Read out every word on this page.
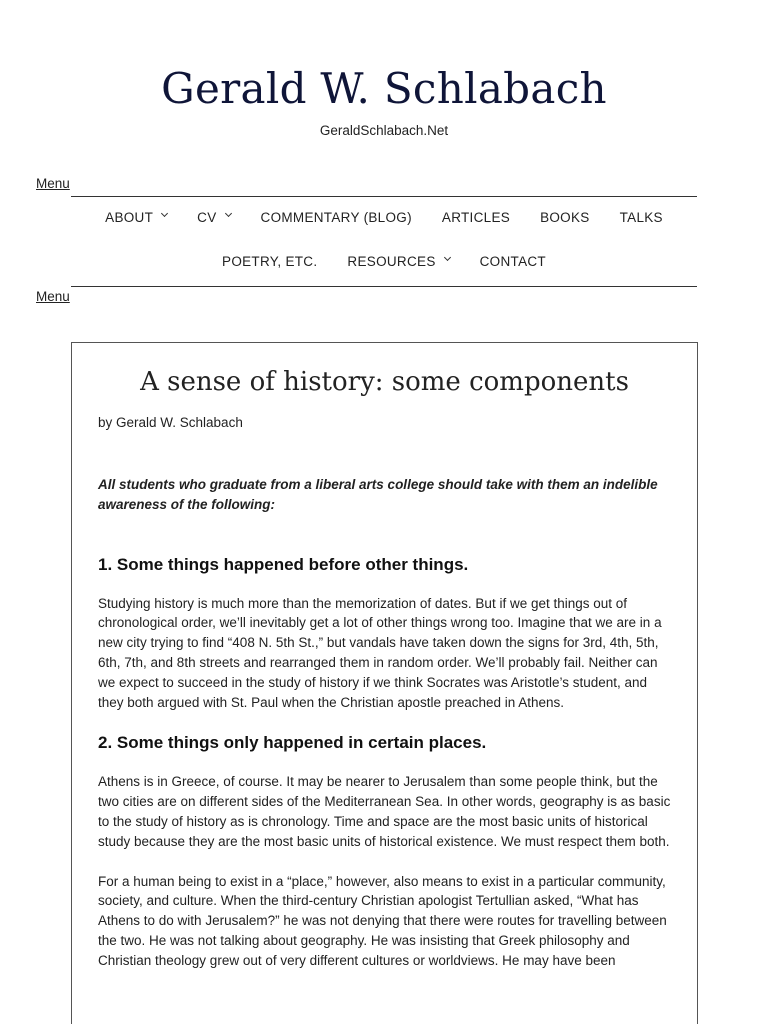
Gerald W. Schlabach
GeraldSchlabach.Net
Menu
ABOUT	CV	COMMENTARY (BLOG) ARTICLES BOOKS TALKS
POETRY, ETC. RESOURCES	CONTACT
Menu
A sense of history: some components
by Gerald W. Schlabach

All students who graduate from a liberal arts college should take with them an indelible awareness of the following:

1. Some things happened before other things.

Studying history is much more than the memorization of dates. But if we get things out of chronological order, we’ll inevitably get a lot of other things wrong too. Imagine that we are in a new city trying to find “408 N. 5th St.,” but vandals have taken down the signs for 3rd, 4th, 5th, 6th, 7th, and 8th streets and rearranged them in random order. We’ll probably fail. Neither can we expect to succeed in the study of history if we think Socrates was Aristotle’s student, and they both argued with St. Paul when the Christian apostle preached in Athens.

2. Some things only happened in certain places.

Athens is in Greece, of course. It may be nearer to Jerusalem than some people think, but the two cities are on different sides of the Mediterranean Sea. In other words, geography is as basic to the study of history as is chronology. Time and space are the most basic units of historical study because they are the most basic units of historical existence. We must respect them both.

For a human being to exist in a “place,” however, also means to exist in a particular community, society, and culture. When the third-century Christian apologist Tertullian asked, “What has Athens to do with Jerusalem?” he was not denying that there were routes for travelling between the two. He was not talking about geography. He was insisting that Greek philosophy and Christian theology grew out of very different cultures or worldviews. He may have been
